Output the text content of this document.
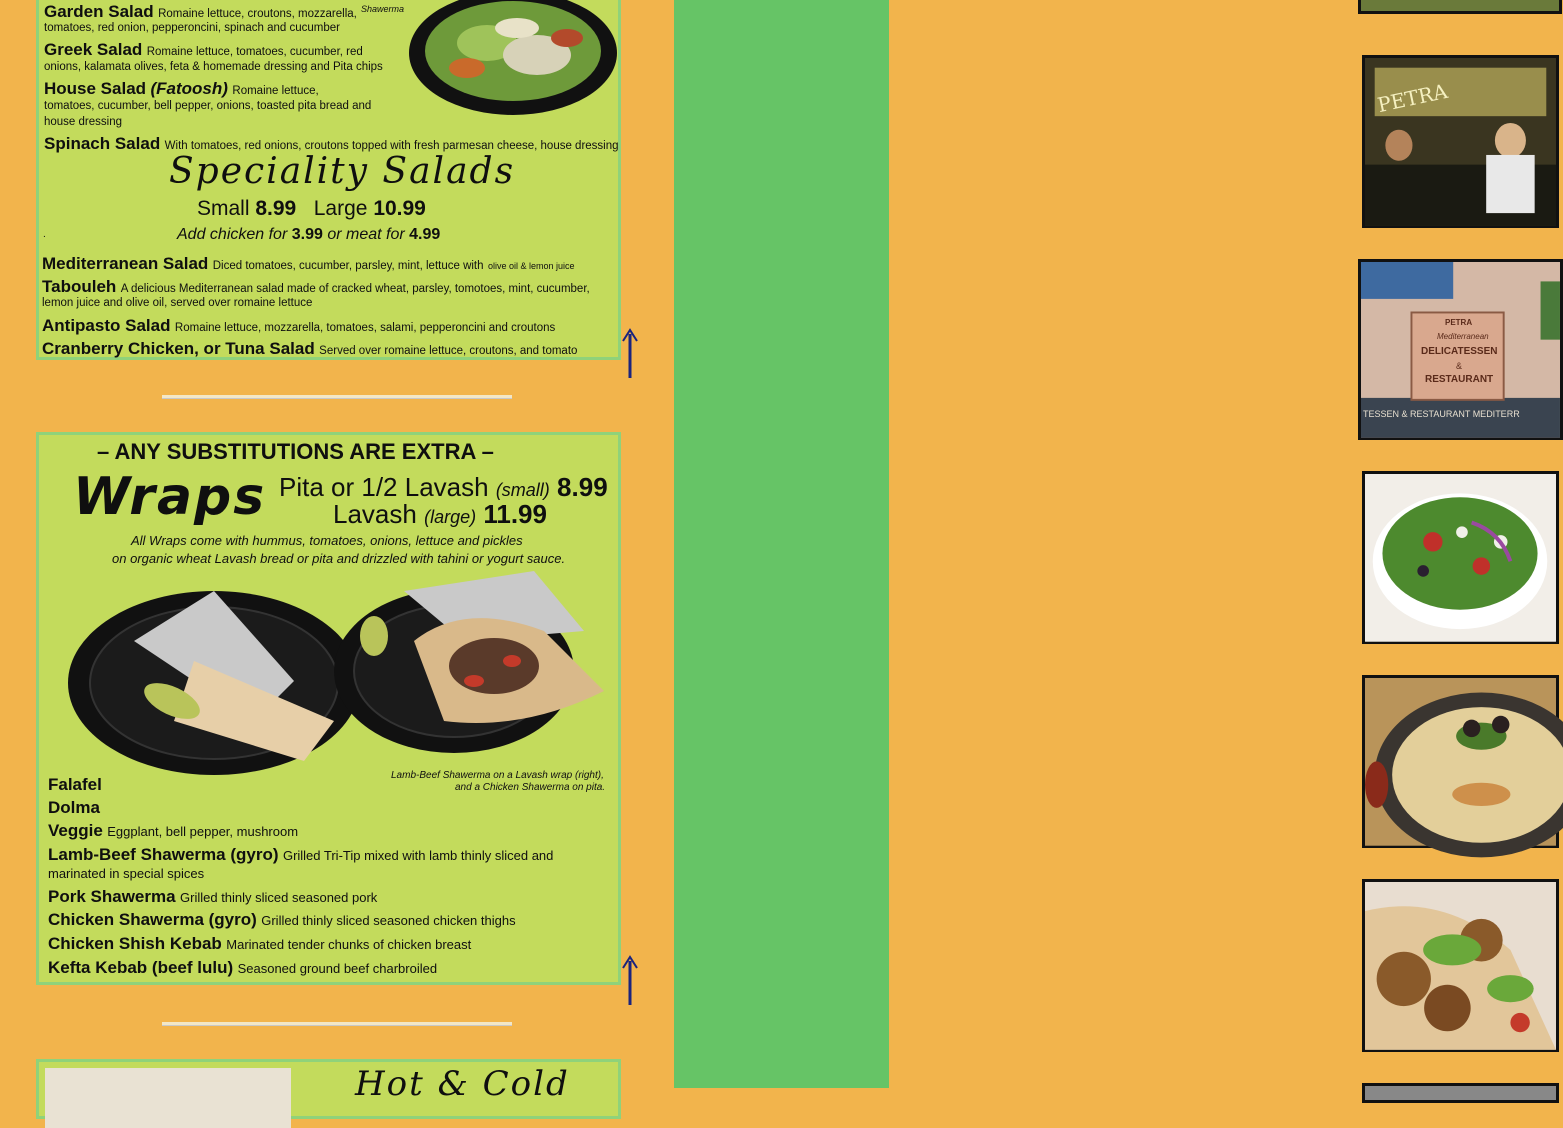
Shawerma
Garden Salad Romaine lettuce, croutons, mozzarella,
tomatoes, red onion, pepperoncini, spinach and cucumber
Greek Salad Romaine lettuce, tomatoes, cucumber, red
onions, kalamata olives, feta & homemade dressing and Pita chips
House Salad (Fatoosh) Romaine lettuce,
tomatoes, cucumber, bell pepper, onions, toasted pita bread and
house dressing
Spinach Salad With tomatoes, red onions, croutons topped with fresh parmesan cheese, house dressing
Speciality Salads
Small 8.99 Large 10.99
.	Add chicken for 3.99 or meat for 4.99
Mediterranean Salad Diced tomatoes, cucumber, parsley, mint, lettuce with olive oil & lemon juice
Tabouleh A delicious Mediterranean salad made of cracked wheat, parsley, tomotoes, mint, cucumber,
lemon juice and olive oil, served over romaine lettuce
Antipasto Salad Romaine lettuce, mozzarella, tomatoes, salami, pepperoncini and croutons
Cranberry Chicken, or Tuna Salad Served over romaine lettuce, croutons, and tomato
– ANY SUBSTITUTIONS ARE EXTRA –
Wraps Pita or 1/2 Lavash (small) 8.99
Lavash (large) 11.99
All Wraps come with hummus, tomatoes, onions, lettuce and pickles
on organic wheat Lavash bread or pita and drizzled with tahini or yogurt sauce.
Lamb-Beef Shawerma on a Lavash wrap (right),
and a Chicken Shawerma on pita.
Falafel
Dolma
Veggie Eggplant, bell pepper, mushroom
Lamb-Beef Shawerma (gyro) Grilled Tri-Tip mixed with lamb thinly sliced and
marinated in special spices
Pork Shawerma Grilled thinly sliced seasoned pork
Chicken Shawerma (gyro) Grilled thinly sliced seasoned chicken thighs
Chicken Shish Kebab Marinated tender chunks of chicken breast
Kefta Kebab (beef lulu) Seasoned ground beef charbroiled
Hot & Cold
PETRA
PETRA
Mediterranean
DELICATESSEN
&
RESTAURANT
TESSEN & RESTAURANT MEDITERR
